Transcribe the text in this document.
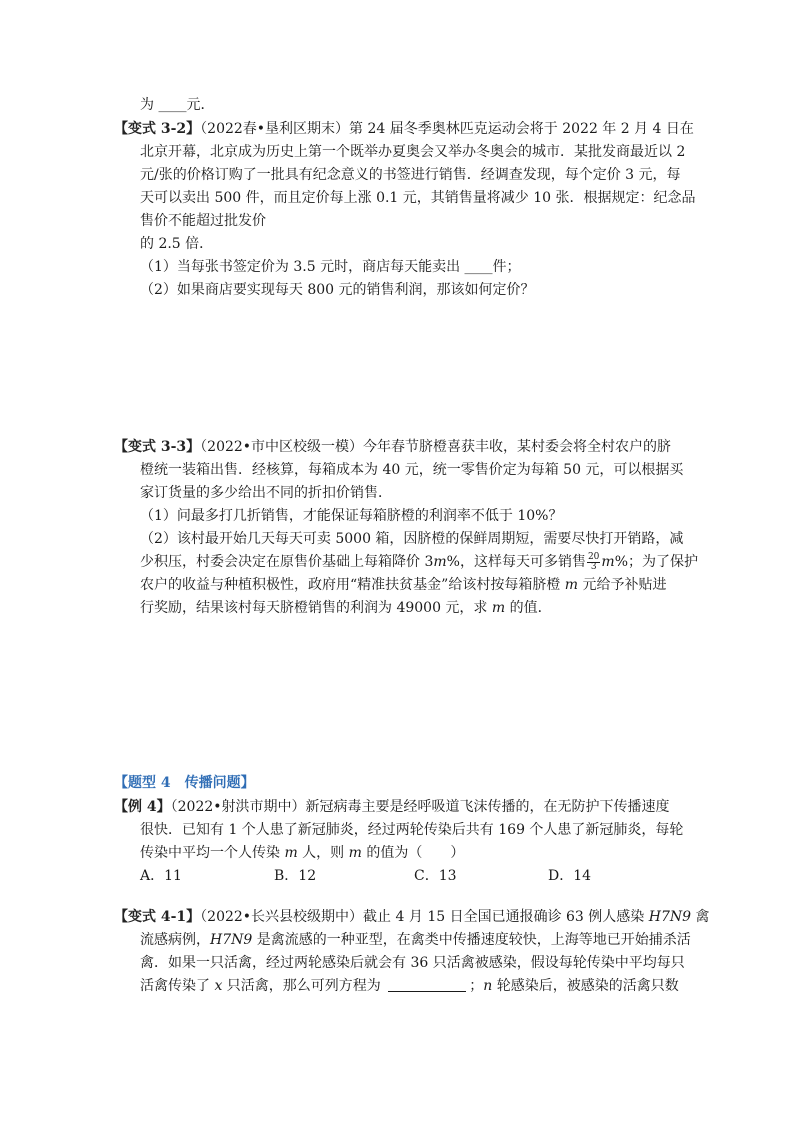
为 ____元．
【变式 3-2】（2022春•垦利区期末）第 24 届冬季奥林匹克运动会将于 2022 年 2 月 4 日在
北京开幕，北京成为历史上第一个既举办夏奥会又举办冬奥会的城市．某批发商最近以 2
元/张的价格订购了一批具有纪念意义的书签进行销售．经调查发现，每个定价 3 元，每
天可以卖出 500 件，而且定价每上涨 0.1 元，其销售量将减少 10 张．根据规定：纪念品
售价不能超过批发价
的 2.5 倍．
（1）当每张书签定价为 3.5 元时，商店每天能卖出 ____件；
（2）如果商店要实现每天 800 元的销售利润，那该如何定价？
【变式 3-3】（2022•市中区校级一模）今年春节脐橙喜获丰收，某村委会将全村农户的脐
橙统一装箱出售．经核算，每箱成本为 40 元，统一零售价定为每箱 50 元，可以根据买
家订货量的多少给出不同的折扣价销售．
（1）问最多打几折销售，才能保证每箱脐橙的利润率不低于 10%？
（2）该村最开始几天每天可卖 5000 箱，因脐橙的保鲜周期短，需要尽快打开销路，减
少积压，村委会决定在原售价基础上每箱降价 3m%，这样每天可多销售 $\frac{20}{3} m\%$；为了保护
农户的收益与种植积极性，政府用“精准扶贫基金”给该村按每箱脐橙 m 元给予补贴进
行奖励，结果该村每天脐橙销售的利润为 49000 元，求 m 的值．
【题型 4　传播问题】
【例 4】（2022•射洪市期中）新冠病毒主要是经呼吸道飞沫传播的，在无防护下传播速度
很快．已知有 1 个人患了新冠肺炎，经过两轮传染后共有 169 个人患了新冠肺炎，每轮
传染中平均一个人传染 m 人，则 m 的值为（　　）
A．11	B．12	C．13	D．14
【变式 4-1】（2022•长兴县校级期中）截止 4 月 15 日全国已通报确诊 63 例人感染 H7N9 禽
流感病例，H7N9 是禽流感的一种亚型，在禽类中传播速度较快，上海等地已开始捕杀活
禽．如果一只活禽，经过两轮感染后就会有 36 只活禽被感染，假设每轮传染中平均每只
活禽传染了 x 只活禽，那么可列方程为	；n 轮感染后，被感染的活禽只数
